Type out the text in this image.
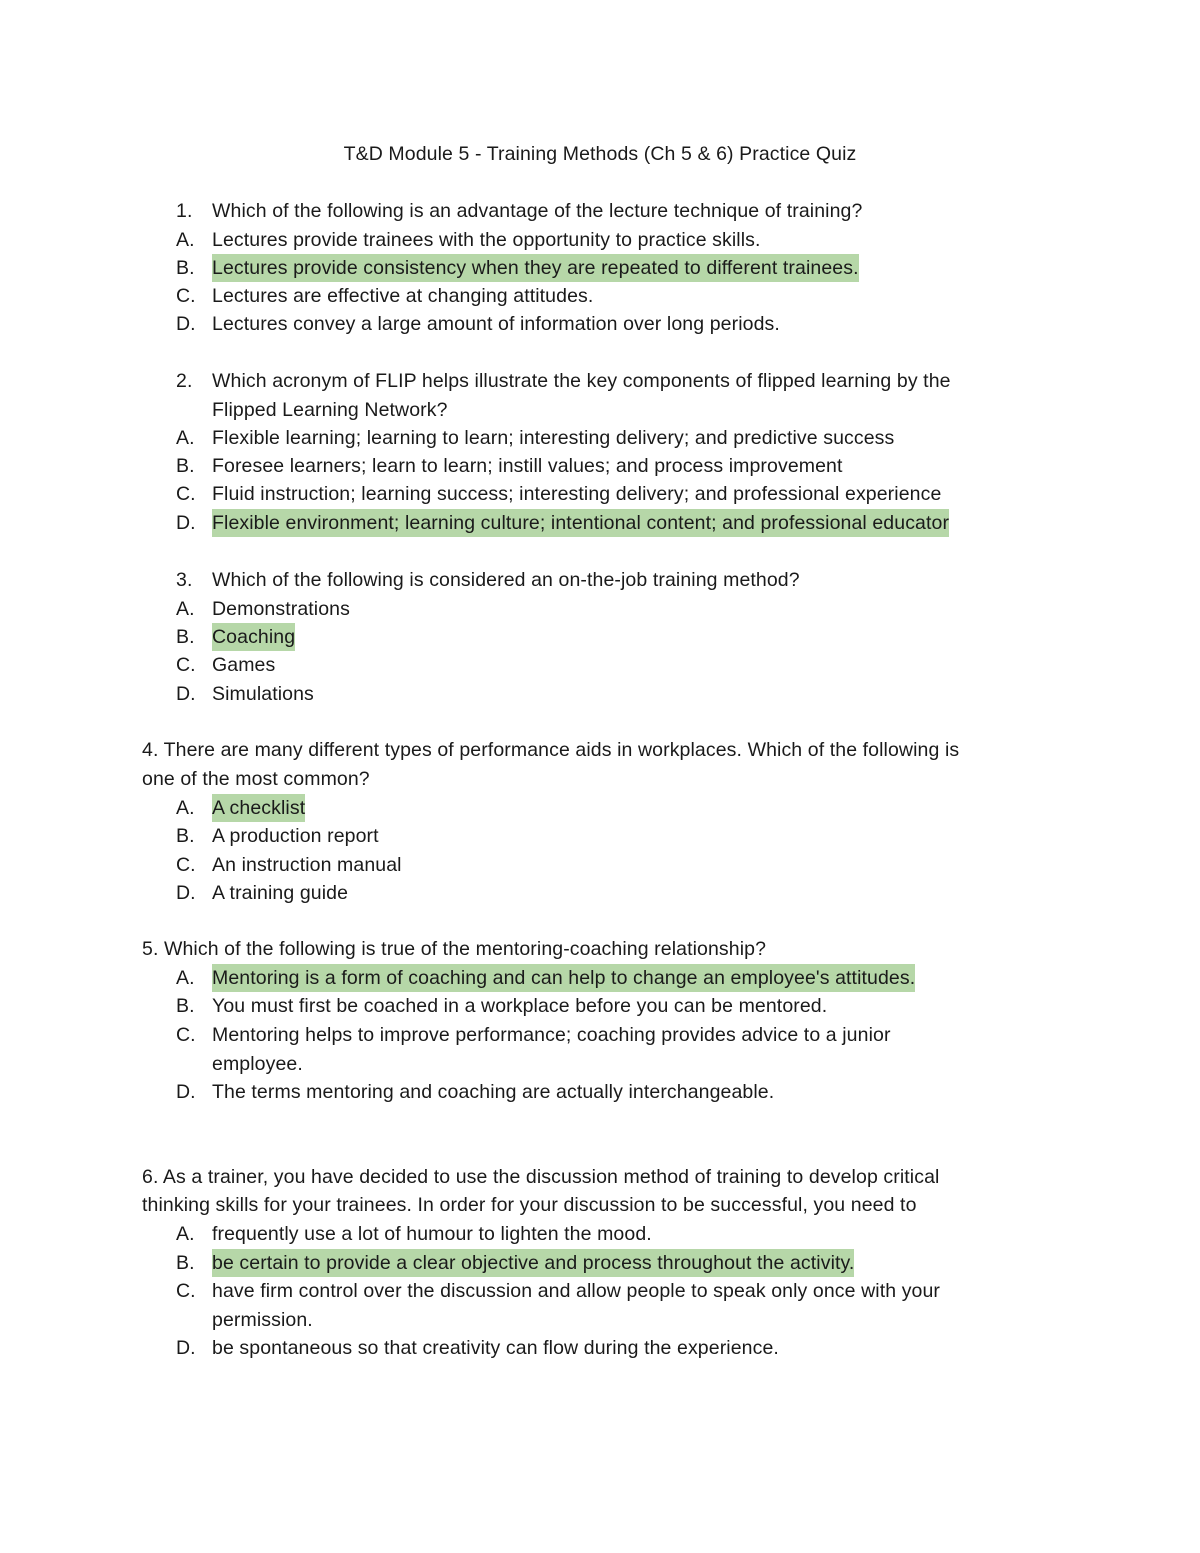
T&D Module 5 - Training Methods (Ch 5 & 6) Practice Quiz
1. Which of the following is an advantage of the lecture technique of training?
A. Lectures provide trainees with the opportunity to practice skills.
B. Lectures provide consistency when they are repeated to different trainees.
C. Lectures are effective at changing attitudes.
D. Lectures convey a large amount of information over long periods.
2. Which acronym of FLIP helps illustrate the key components of flipped learning by the
Flipped Learning Network?
A. Flexible learning; learning to learn; interesting delivery; and predictive success
B. Foresee learners; learn to learn; instill values; and process improvement
C. Fluid instruction; learning success; interesting delivery; and professional experience
D. Flexible environment; learning culture; intentional content; and professional educator
3. Which of the following is considered an on-the-job training method?
A. Demonstrations
B. Coaching
C. Games
D. Simulations
4. There are many different types of performance aids in workplaces. Which of the following is
one of the most common?
A. A checklist
B. A production report
C. An instruction manual
D. A training guide
5. Which of the following is true of the mentoring-coaching relationship?
A. Mentoring is a form of coaching and can help to change an employee's attitudes.
B. You must first be coached in a workplace before you can be mentored.
C. Mentoring helps to improve performance; coaching provides advice to a junior
employee.
D. The terms mentoring and coaching are actually interchangeable.
6. As a trainer, you have decided to use the discussion method of training to develop critical
thinking skills for your trainees. In order for your discussion to be successful, you need to
A. frequently use a lot of humour to lighten the mood.
B. be certain to provide a clear objective and process throughout the activity.
C. have firm control over the discussion and allow people to speak only once with your
permission.
D. be spontaneous so that creativity can flow during the experience.
